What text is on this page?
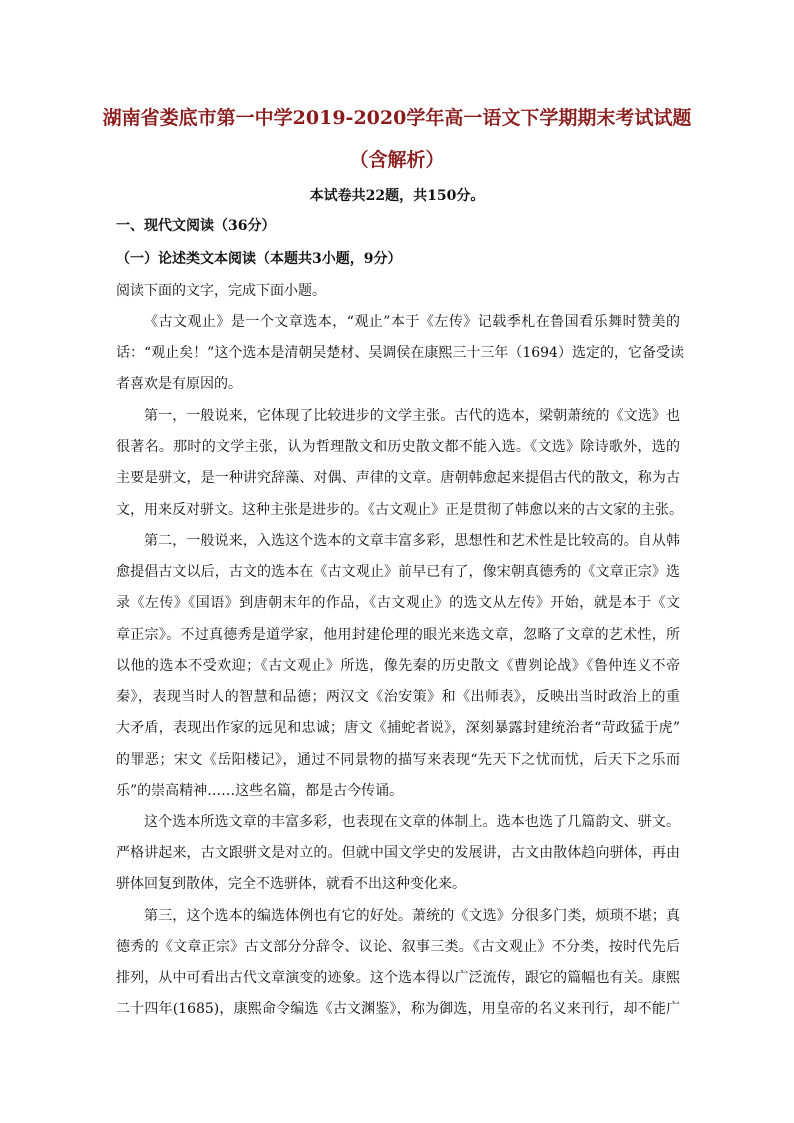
湖南省娄底市第一中学2019-2020学年高一语文下学期期末考试试题
（含解析）
本试卷共22题，共150分。
一、现代文阅读（36分）
（一）论述类文本阅读（本题共3小题，9分）
阅读下面的文字，完成下面小题。
《古文观止》是一个文章选本，“观止”本于《左传》记载季札在鲁国看乐舞时赞美的
话：“观止矣！”这个选本是清朝吴楚材、吴调侯在康熙三十三年（1694）选定的，它备受读
者喜欢是有原因的。
第一，一般说来，它体现了比较进步的文学主张。古代的选本，梁朝萧统的《文选》也
很著名。那时的文学主张，认为哲理散文和历史散文都不能入选。《文选》除诗歌外，选的
主要是骈文，是一种讲究辞藻、对偶、声律的文章。唐朝韩愈起来提倡古代的散文，称为古
文，用来反对骈文。这种主张是进步的。《古文观止》正是贯彻了韩愈以来的古文家的主张。
第二，一般说来，入选这个选本的文章丰富多彩，思想性和艺术性是比较高的。自从韩
愈提倡古文以后，古文的选本在《古文观止》前早已有了，像宋朝真德秀的《文章正宗》选
录《左传》《国语》到唐朝末年的作品，《古文观止》的选文从左传》开始，就是本于《文
章正宗》。不过真德秀是道学家，他用封建伦理的眼光来选文章，忽略了文章的艺术性，所
以他的选本不受欢迎；《古文观止》所选，像先秦的历史散文《曹刿论战》《鲁仲连义不帝
秦》，表现当时人的智慧和品德；两汉文《治安策》和《出师表》，反映出当时政治上的重
大矛盾，表现出作家的远见和忠诚；唐文《捕蛇者说》，深刻暴露封建统治者“苛政猛于虎”
的罪恶；宋文《岳阳楼记》，通过不同景物的描写来表现“先天下之忧而忧，后天下之乐而
乐”的崇高精神……这些名篇，都是古今传诵。
这个选本所选文章的丰富多彩，也表现在文章的体制上。选本也选了几篇韵文、骈文。
严格讲起来，古文跟骈文是对立的。但就中国文学史的发展讲，古文由散体趋向骈体，再由
骈体回复到散体，完全不选骈体，就看不出这种变化来。
第三，这个选本的编选体例也有它的好处。萧统的《文选》分很多门类，烦琐不堪；真
德秀的《文章正宗》古文部分分辞令、议论、叙事三类。《古文观止》不分类，按时代先后
排列，从中可看出古代文章演变的迹象。这个选本得以广泛流传，跟它的篇幅也有关。康熙
二十四年(1685)，康熙命令编选《古文渊鉴》，称为御选，用皇帝的名义来刊行，却不能广
